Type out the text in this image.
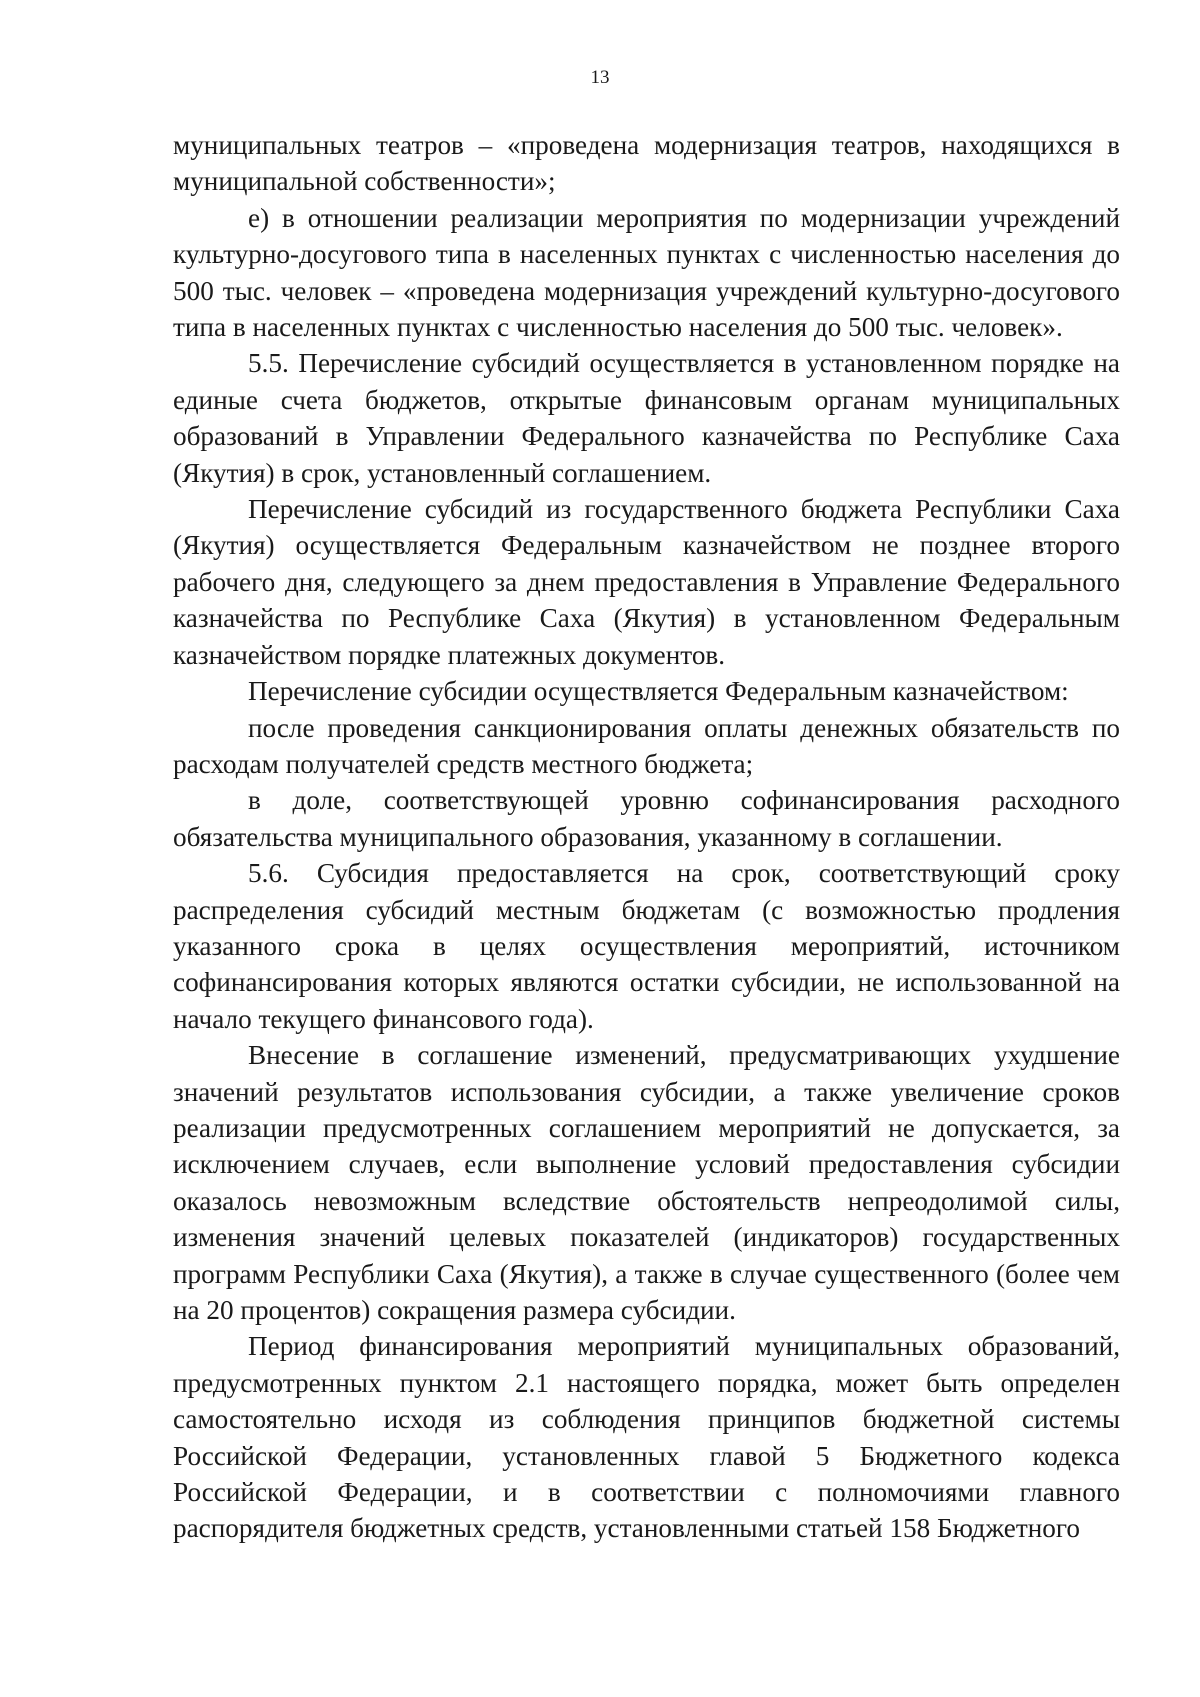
13

муниципальных театров – «проведена модернизация театров, находящихся в муниципальной собственности»;

е) в отношении реализации мероприятия по модернизации учреждений культурно-досугового типа в населенных пунктах с численностью населения до 500 тыс. человек – «проведена модернизация учреждений культурно-досугового типа в населенных пунктах с численностью населения до 500 тыс. человек».

5.5. Перечисление субсидий осуществляется в установленном порядке на единые счета бюджетов, открытые финансовым органам муниципальных образований в Управлении Федерального казначейства по Республике Саха (Якутия) в срок, установленный соглашением.

Перечисление субсидий из государственного бюджета Республики Саха (Якутия) осуществляется Федеральным казначейством не позднее второго рабочего дня, следующего за днем предоставления в Управление Федерального казначейства по Республике Саха (Якутия) в установленном Федеральным казначейством порядке платежных документов.

Перечисление субсидии осуществляется Федеральным казначейством:

после проведения санкционирования оплаты денежных обязательств по расходам получателей средств местного бюджета;

в доле, соответствующей уровню софинансирования расходного обязательства муниципального образования, указанному в соглашении.

5.6. Субсидия предоставляется на срок, соответствующий сроку распределения субсидий местным бюджетам (с возможностью продления указанного срока в целях осуществления мероприятий, источником софинансирования которых являются остатки субсидии, не использованной на начало текущего финансового года).

Внесение в соглашение изменений, предусматривающих ухудшение значений результатов использования субсидии, а также увеличение сроков реализации предусмотренных соглашением мероприятий не допускается, за исключением случаев, если выполнение условий предоставления субсидии оказалось невозможным вследствие обстоятельств непреодолимой силы, изменения значений целевых показателей (индикаторов) государственных программ Республики Саха (Якутия), а также в случае существенного (более чем на 20 процентов) сокращения размера субсидии.

Период финансирования мероприятий муниципальных образований, предусмотренных пунктом 2.1 настоящего порядка, может быть определен самостоятельно исходя из соблюдения принципов бюджетной системы Российской Федерации, установленных главой 5 Бюджетного кодекса Российской Федерации, и в соответствии с полномочиями главного распорядителя бюджетных средств, установленными статьей 158 Бюджетного
